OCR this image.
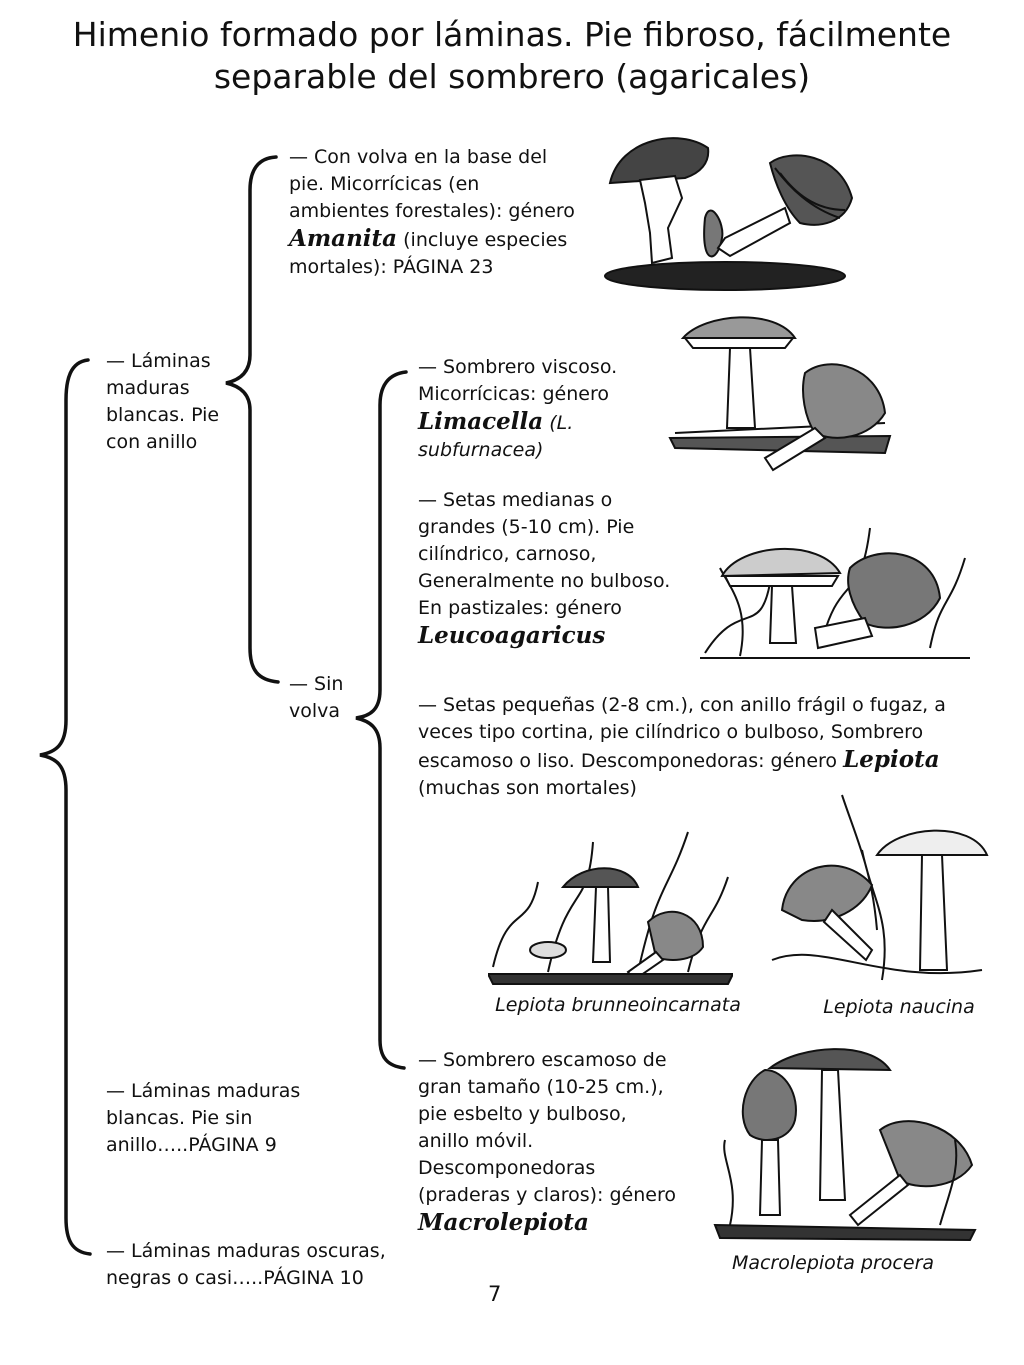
Himenio formado por láminas. Pie fibroso, fácilmente separable del sombrero (agaricales)
— Láminas maduras blancas. Pie con anillo
— Láminas maduras blancas. Pie sin anillo…..PÁGINA 9
— Láminas maduras oscuras, negras o casi…..PÁGINA 10
— Con volva en la base del pie. Micorrícicas (en ambientes forestales): género Amanita (incluye especies mortales): PÁGINA 23
— Sin volva
— Sombrero viscoso. Micorrícicas: género Limacella (L. subfurnacea)
— Setas medianas o grandes (5-10 cm). Pie cilíndrico, carnoso, Generalmente no bulboso. En pastizales: género Leucoagaricus
— Setas pequeñas (2-8 cm.), con anillo frágil o fugaz, a veces tipo cortina, pie cilíndrico o bulboso, Sombrero escamoso o liso. Descomponedoras: género Lepiota (muchas son mortales)
— Sombrero escamoso de gran tamaño (10-25 cm.), pie esbelto y bulboso, anillo móvil. Descomponedoras (praderas y claros): género Macrolepiota
Lepiota brunneoincarnata	Lepiota naucina
Macrolepiota procera
7
